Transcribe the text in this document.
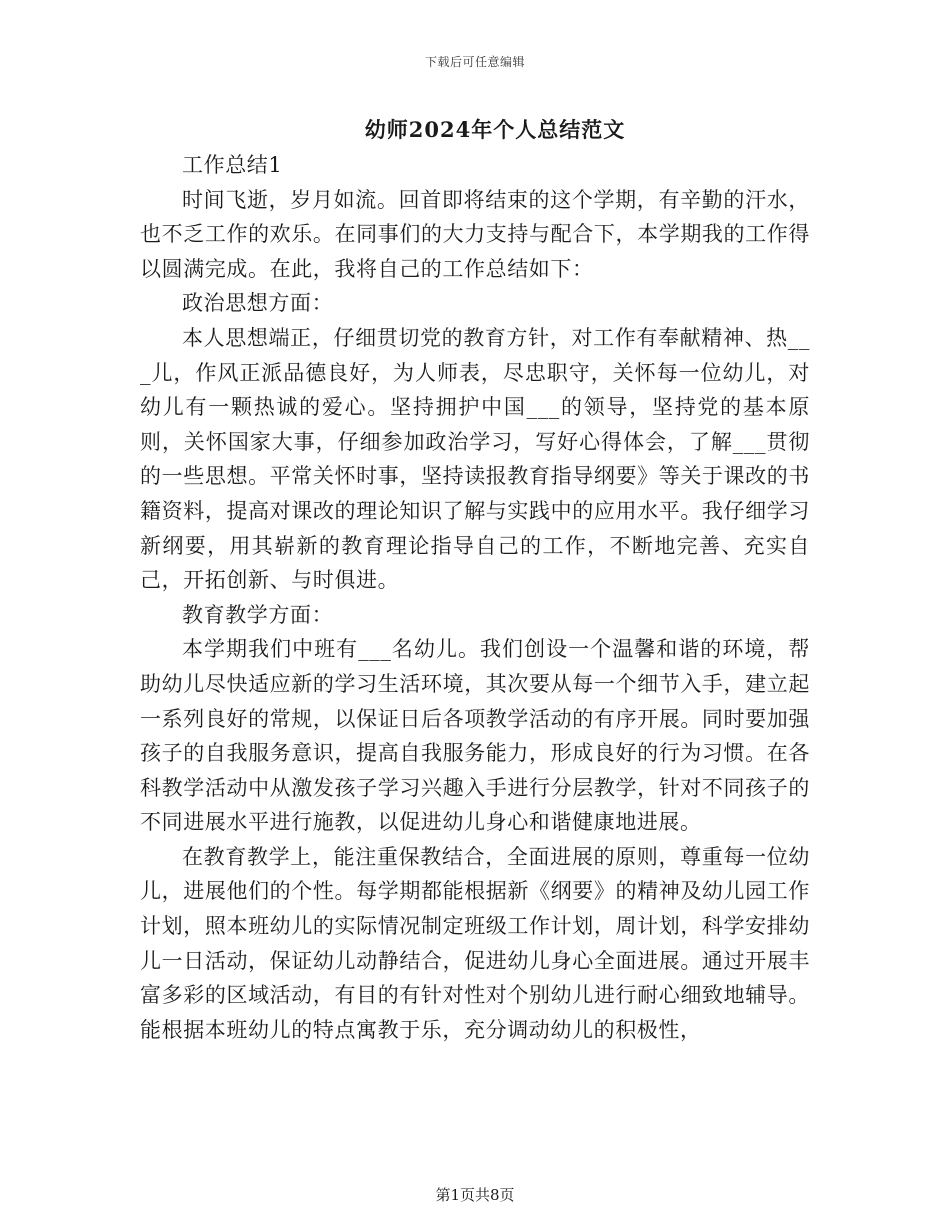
下载后可任意编辑
幼师2024年个人总结范文

工作总结1

时间飞逝，岁月如流。回首即将结束的这个学期，有辛勤的汗水，也不乏工作的欢乐。在同事们的大力支持与配合下，本学期我的工作得以圆满完成。在此，我将自己的工作总结如下：

政治思想方面：

本人思想端正，仔细贯切党的教育方针，对工作有奉献精神、热___儿，作风正派品德良好，为人师表，尽忠职守，关怀每一位幼儿，对幼儿有一颗热诚的爱心。坚持拥护中国___的领导，坚持党的基本原则，关怀国家大事，仔细参加政治学习，写好心得体会，了解___贯彻的一些思想。平常关怀时事，坚持读报教育指导纲要》等关于课改的书籍资料，提高对课改的理论知识了解与实践中的应用水平。我仔细学习新纲要，用其崭新的教育理论指导自己的工作，不断地完善、充实自己，开拓创新、与时俱进。

教育教学方面：

本学期我们中班有___名幼儿。我们创设一个温馨和谐的环境，帮助幼儿尽快适应新的学习生活环境，其次要从每一个细节入手，建立起一系列良好的常规，以保证日后各项教学活动的有序开展。同时要加强孩子的自我服务意识，提高自我服务能力，形成良好的行为习惯。在各科教学活动中从激发孩子学习兴趣入手进行分层教学，针对不同孩子的不同进展水平进行施教，以促进幼儿身心和谐健康地进展。

在教育教学上，能注重保教结合，全面进展的原则，尊重每一位幼儿，进展他们的个性。每学期都能根据新《纲要》的精神及幼儿园工作计划，照本班幼儿的实际情况制定班级工作计划，周计划，科学安排幼儿一日活动，保证幼儿动静结合，促进幼儿身心全面进展。通过开展丰富多彩的区域活动，有目的有针对性对个别幼儿进行耐心细致地辅导。能根据本班幼儿的特点寓教于乐，充分调动幼儿的积极性，

第1页共8页
